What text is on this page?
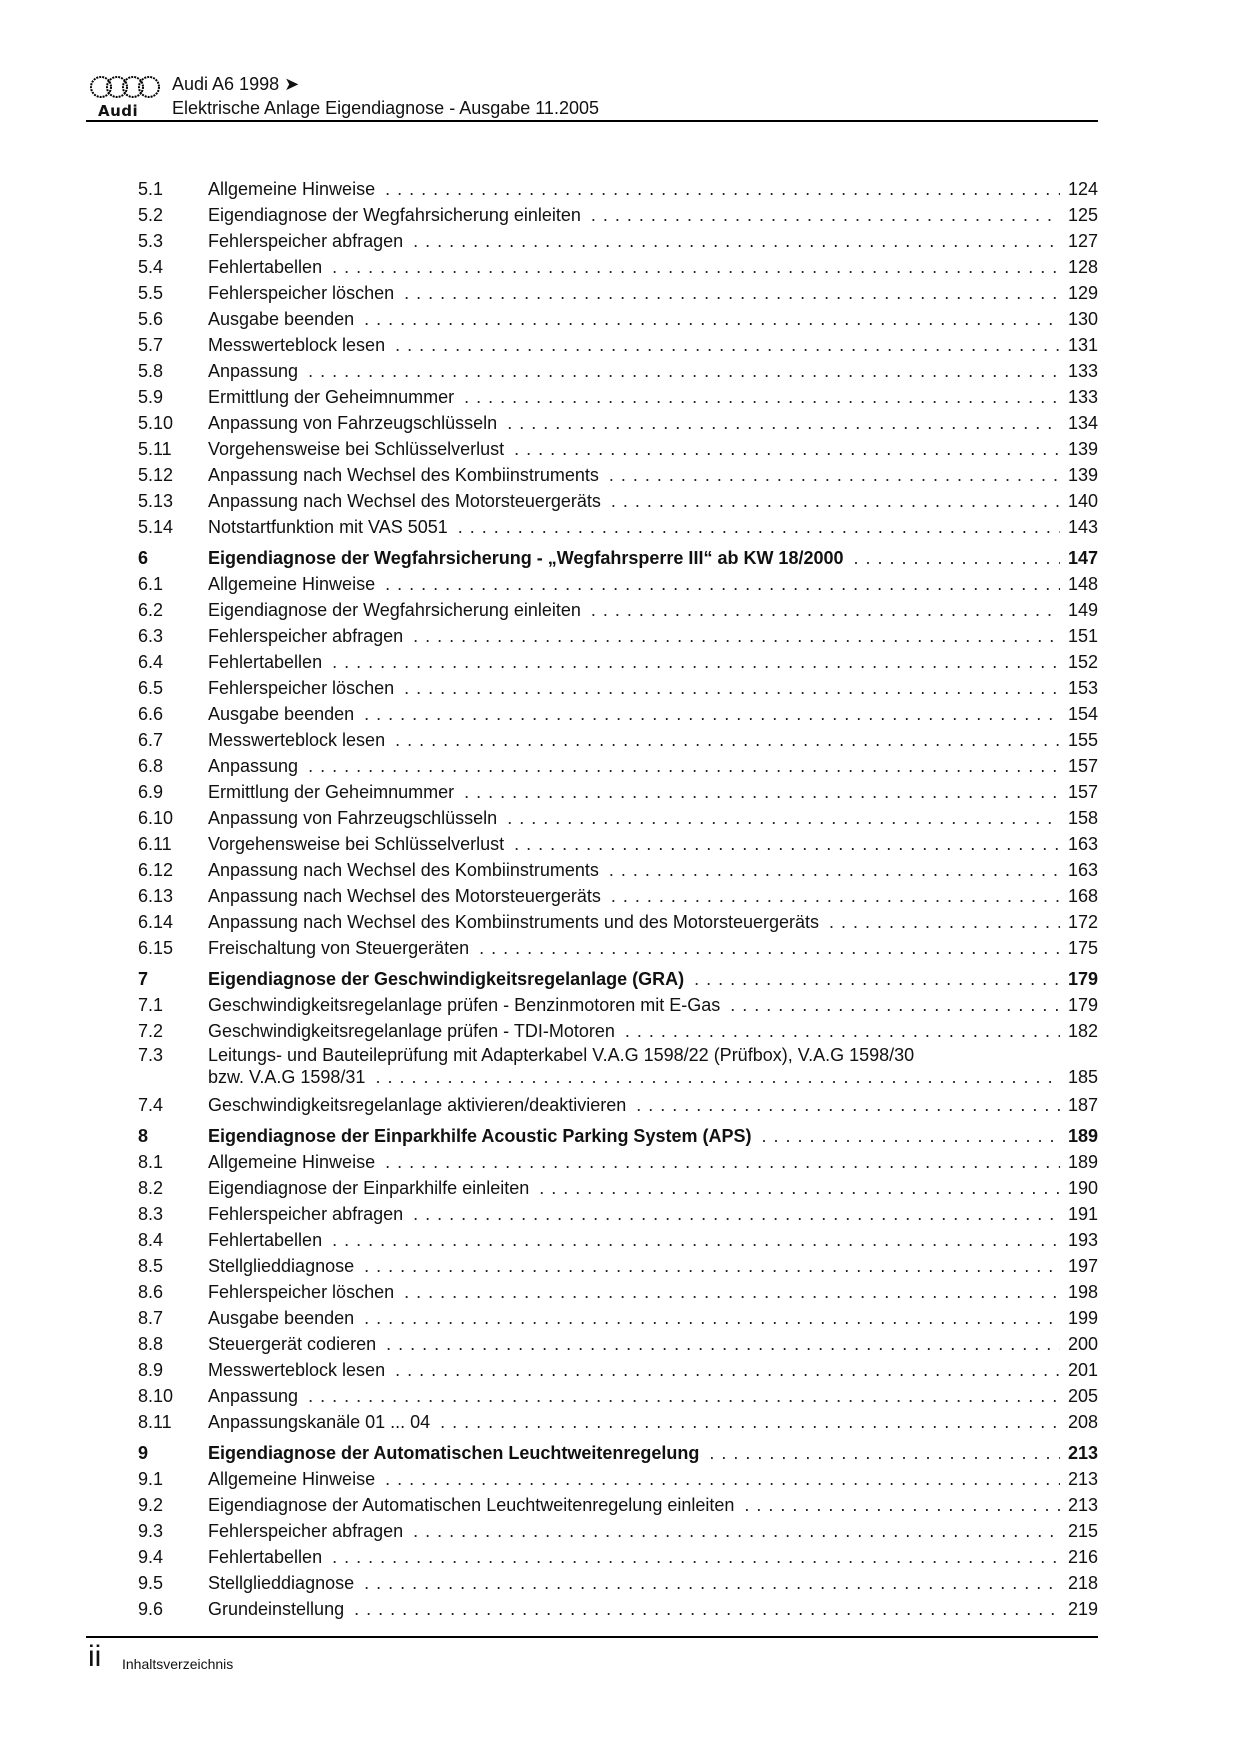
Audi
Audi A6 1998 ➤
Elektrische Anlage Eigendiagnose - Ausgabe 11.2005
5.1	Allgemeine Hinweise . . .	124
5.2	Eigendiagnose der Wegfahrsicherung einleiten . . .	125
5.3	Fehlerspeicher abfragen . . .	127
5.4	Fehlertabellen . . .	128
5.5	Fehlerspeicher löschen . . .	129
5.6	Ausgabe beenden . . .	130
5.7	Messwerteblock lesen . . .	131
5.8	Anpassung . . .	133
5.9	Ermittlung der Geheimnummer . . .	133
5.10	Anpassung von Fahrzeugschlüsseln . . .	134
5.11	Vorgehensweise bei Schlüsselverlust . . .	139
5.12	Anpassung nach Wechsel des Kombiinstruments . . .	139
5.13	Anpassung nach Wechsel des Motorsteuergeräts . . .	140
5.14	Notstartfunktion mit VAS 5051 . . .	143
6	Eigendiagnose der Wegfahrsicherung - „Wegfahrsperre III“ ab KW 18/2000 . . .	147
6.1	Allgemeine Hinweise . . .	148
6.2	Eigendiagnose der Wegfahrsicherung einleiten . . .	149
6.3	Fehlerspeicher abfragen . . .	151
6.4	Fehlertabellen . . .	152
6.5	Fehlerspeicher löschen . . .	153
6.6	Ausgabe beenden . . .	154
6.7	Messwerteblock lesen . . .	155
6.8	Anpassung . . .	157
6.9	Ermittlung der Geheimnummer . . .	157
6.10	Anpassung von Fahrzeugschlüsseln . . .	158
6.11	Vorgehensweise bei Schlüsselverlust . . .	163
6.12	Anpassung nach Wechsel des Kombiinstruments . . .	163
6.13	Anpassung nach Wechsel des Motorsteuergeräts . . .	168
6.14	Anpassung nach Wechsel des Kombiinstruments und des Motorsteuergeräts . . .	172
6.15	Freischaltung von Steuergeräten . . .	175
7	Eigendiagnose der Geschwindigkeitsregelanlage (GRA) . . .	179
7.1	Geschwindigkeitsregelanlage prüfen - Benzinmotoren mit E-Gas . . .	179
7.2	Geschwindigkeitsregelanlage prüfen - TDI-Motoren . . .	182
7.3	Leitungs- und Bauteileprüfung mit Adapterkabel V.A.G 1598/22 (Prüfbox), V.A.G 1598/30
bzw. V.A.G 1598/31 . . .	185
7.4	Geschwindigkeitsregelanlage aktivieren/deaktivieren . . .	187
8	Eigendiagnose der Einparkhilfe Acoustic Parking System (APS) . . .	189
8.1	Allgemeine Hinweise . . .	189
8.2	Eigendiagnose der Einparkhilfe einleiten . . .	190
8.3	Fehlerspeicher abfragen . . .	191
8.4	Fehlertabellen . . .	193
8.5	Stellglieddiagnose . . .	197
8.6	Fehlerspeicher löschen . . .	198
8.7	Ausgabe beenden . . .	199
8.8	Steuergerät codieren . . .	200
8.9	Messwerteblock lesen . . .	201
8.10	Anpassung . . .	205
8.11	Anpassungskanäle 01 ... 04 . . .	208
9	Eigendiagnose der Automatischen Leuchtweitenregelung . . .	213
9.1	Allgemeine Hinweise . . .	213
9.2	Eigendiagnose der Automatischen Leuchtweitenregelung einleiten . . .	213
9.3	Fehlerspeicher abfragen . . .	215
9.4	Fehlertabellen . . .	216
9.5	Stellglieddiagnose . . .	218
9.6	Grundeinstellung . . .	219
ii Inhaltsverzeichnis
